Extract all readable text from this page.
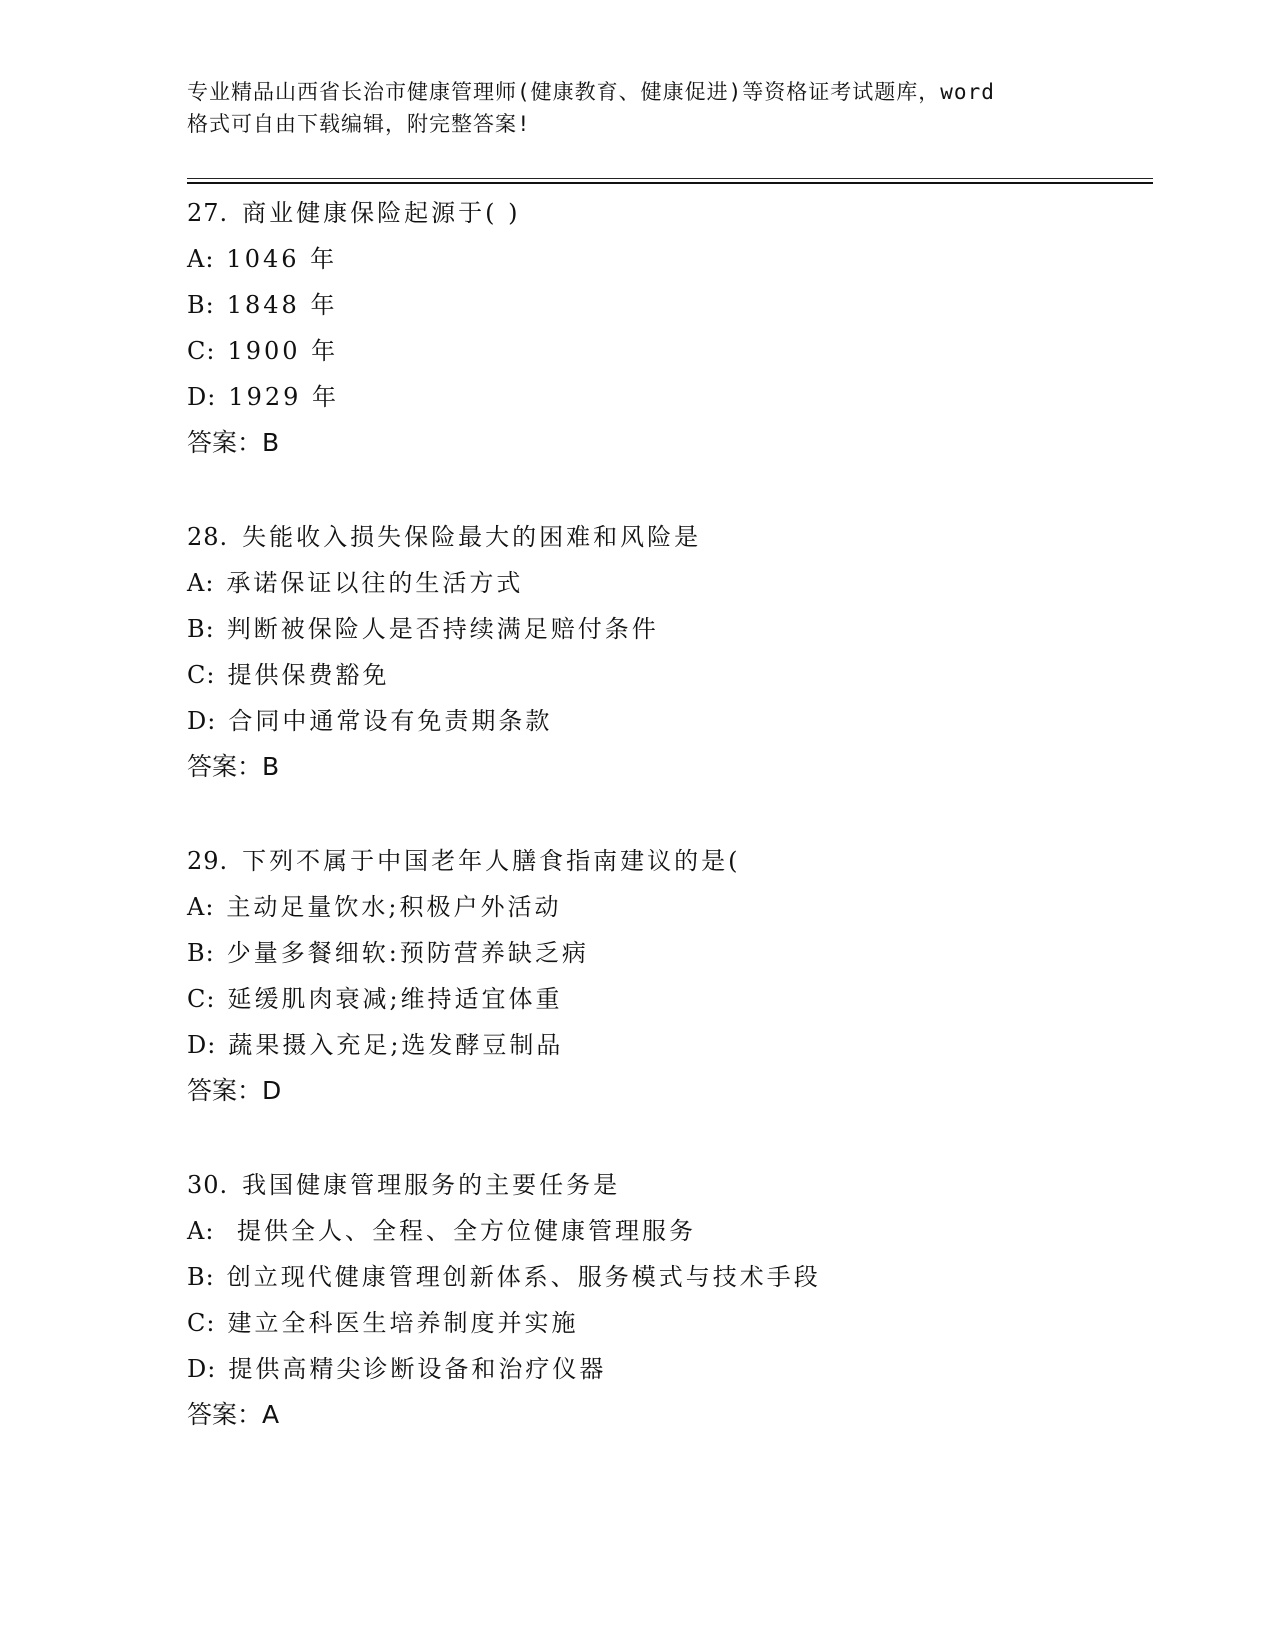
专业精品山西省长治市健康管理师(健康教育、健康促进)等资格证考试题库，word
格式可自由下载编辑，附完整答案!
27. 商业健康保险起源于( )
A: 1046 年
B: 1848 年
C: 1900 年
D: 1929 年
答案：B
28. 失能收入损失保险最大的困难和风险是
A: 承诺保证以往的生活方式
B: 判断被保险人是否持续满足赔付条件
C: 提供保费豁免
D: 合同中通常设有免责期条款
答案：B
29. 下列不属于中国老年人膳食指南建议的是(
A: 主动足量饮水;积极户外活动
B: 少量多餐细软:预防营养缺乏病
C: 延缓肌肉衰减;维持适宜体重
D: 蔬果摄入充足;选发酵豆制品
答案：D
30. 我国健康管理服务的主要任务是
A: 提供全人、全程、全方位健康管理服务
B: 创立现代健康管理创新体系、服务模式与技术手段
C: 建立全科医生培养制度并实施
D: 提供高精尖诊断设备和治疗仪器
答案：A
